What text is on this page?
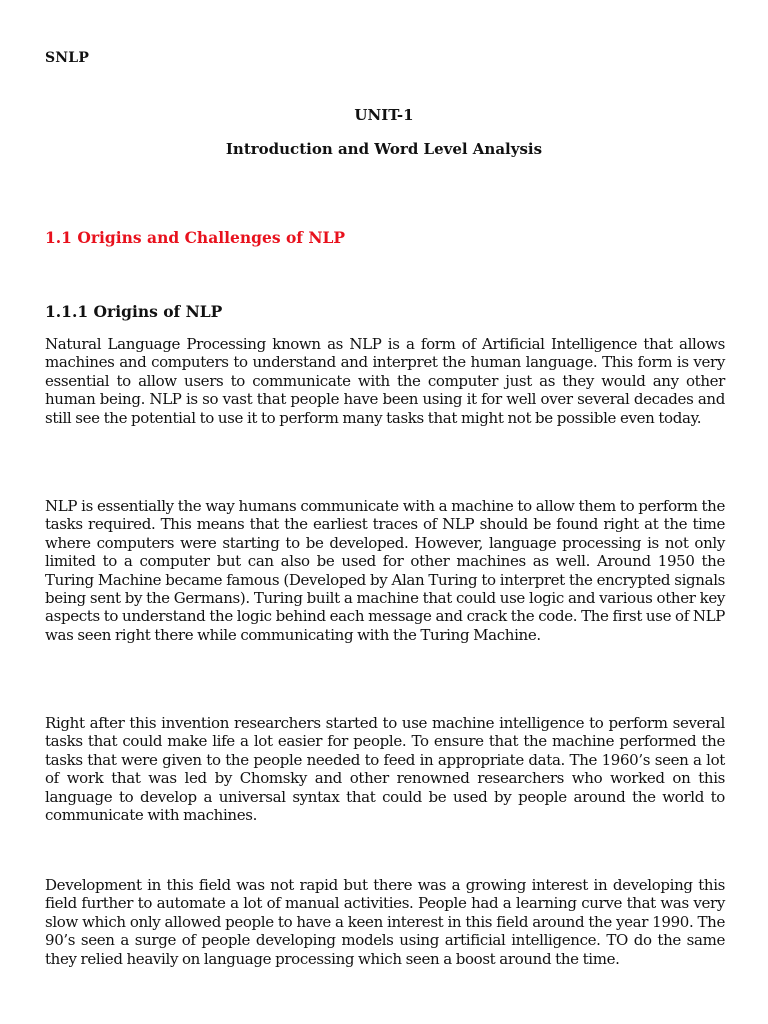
SNLP
UNIT-1
Introduction and Word Level Analysis
1.1 Origins and Challenges of NLP
1.1.1 Origins of NLP

Natural Language Processing known as NLP is a form of Artificial Intelligence that allows machines and computers to understand and interpret the human language. This form is very essential to allow users to communicate with the computer just as they would any other human being. NLP is so vast that people have been using it for well over several decades and still see the potential to use it to perform many tasks that might not be possible even today.

NLP is essentially the way humans communicate with a machine to allow them to perform the tasks required. This means that the earliest traces of NLP should be found right at the time where computers were starting to be developed. However, language processing is not only limited to a computer but can also be used for other machines as well. Around 1950 the Turing Machine became famous (Developed by Alan Turing to interpret the encrypted signals being sent by the Germans). Turing built a machine that could use logic and various other key aspects to understand the logic behind each message and crack the code. The first use of NLP was seen right there while communicating with the Turing Machine.

Right after this invention researchers started to use machine intelligence to perform several tasks that could make life a lot easier for people. To ensure that the machine performed the tasks that were given to the people needed to feed in appropriate data. The 1960’s seen a lot of work that was led by Chomsky and other renowned researchers who worked on this language to develop a universal syntax that could be used by people around the world to communicate with machines.

Development in this field was not rapid but there was a growing interest in developing this field further to automate a lot of manual activities. People had a learning curve that was very slow which only allowed people to have a keen interest in this field around the year 1990. The 90’s seen a surge of people developing models using artificial intelligence. TO do the same they relied heavily on language processing which seen a boost around the time.
